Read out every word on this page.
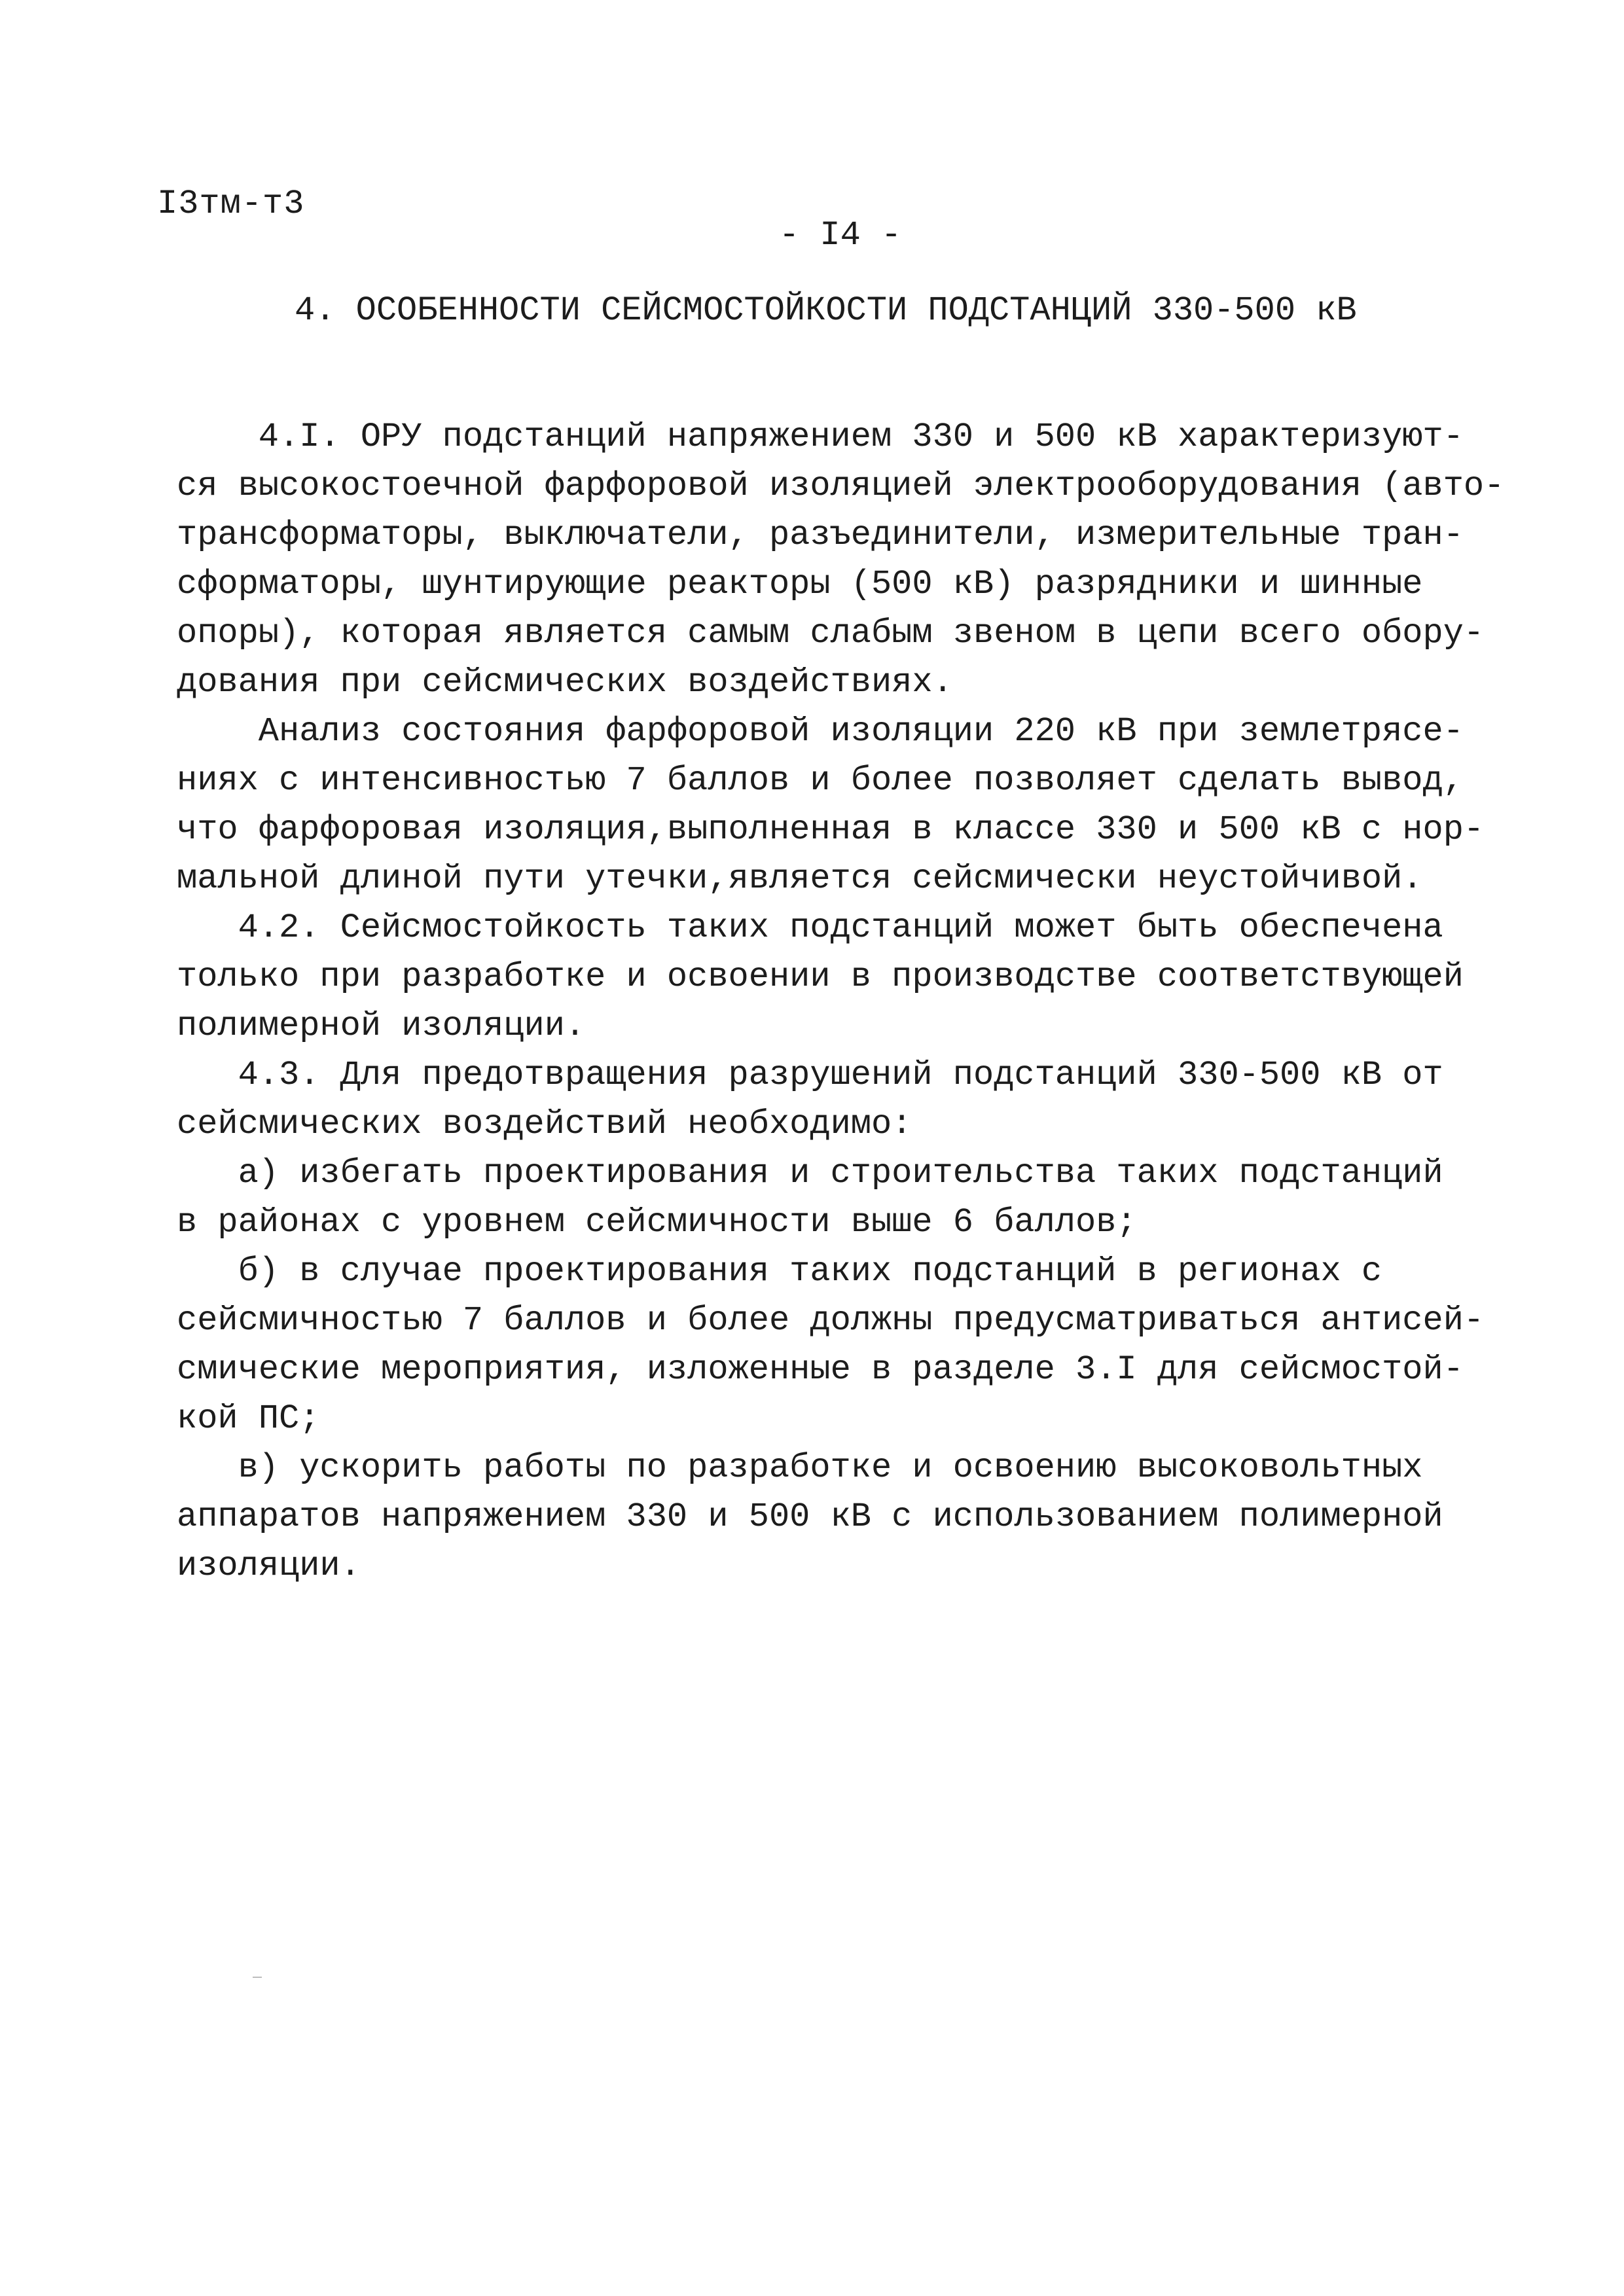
I3тм-т3
- I4 -
4. ОСОБЕННОСТИ СЕЙСМОСТОЙКОСТИ ПОДСТАНЦИЙ 330-500 кВ
4.I. ОРУ подстанций напряжением 330 и 500 кВ характеризуют-
ся высокостоечной фарфоровой изоляцией электрооборудования (авто-
трансформаторы, выключатели, разъединители, измерительные тран-
сформаторы, шунтирующие реакторы (500 кВ) разрядники и шинные
опоры), которая является самым слабым звеном в цепи всего обору-
дования при сейсмических воздействиях.
Анализ состояния фарфоровой изоляции 220 кВ при землетрясе-
ниях с интенсивностью 7 баллов и более позволяет сделать вывод,
что фарфоровая изоляция,выполненная в классе 330 и 500 кВ с нор-
мальной длиной пути утечки,является сейсмически неустойчивой.
4.2. Сейсмостойкость таких подстанций может быть обеспечена
только при разработке и освоении в производстве соответствующей
полимерной изоляции.
4.3. Для предотвращения разрушений подстанций 330-500 кВ от
сейсмических воздействий необходимо:
а) избегать проектирования и строительства таких подстанций
в районах с уровнем сейсмичности выше 6 баллов;
б) в случае проектирования таких подстанций в регионах с
сейсмичностью 7 баллов и более должны предусматриваться антисей-
смические мероприятия, изложенные в разделе 3.I для сейсмостой-
кой ПС;
в) ускорить работы по разработке и освоению высоковольтных
аппаратов напряжением 330 и 500 кВ с использованием полимерной
изоляции.
